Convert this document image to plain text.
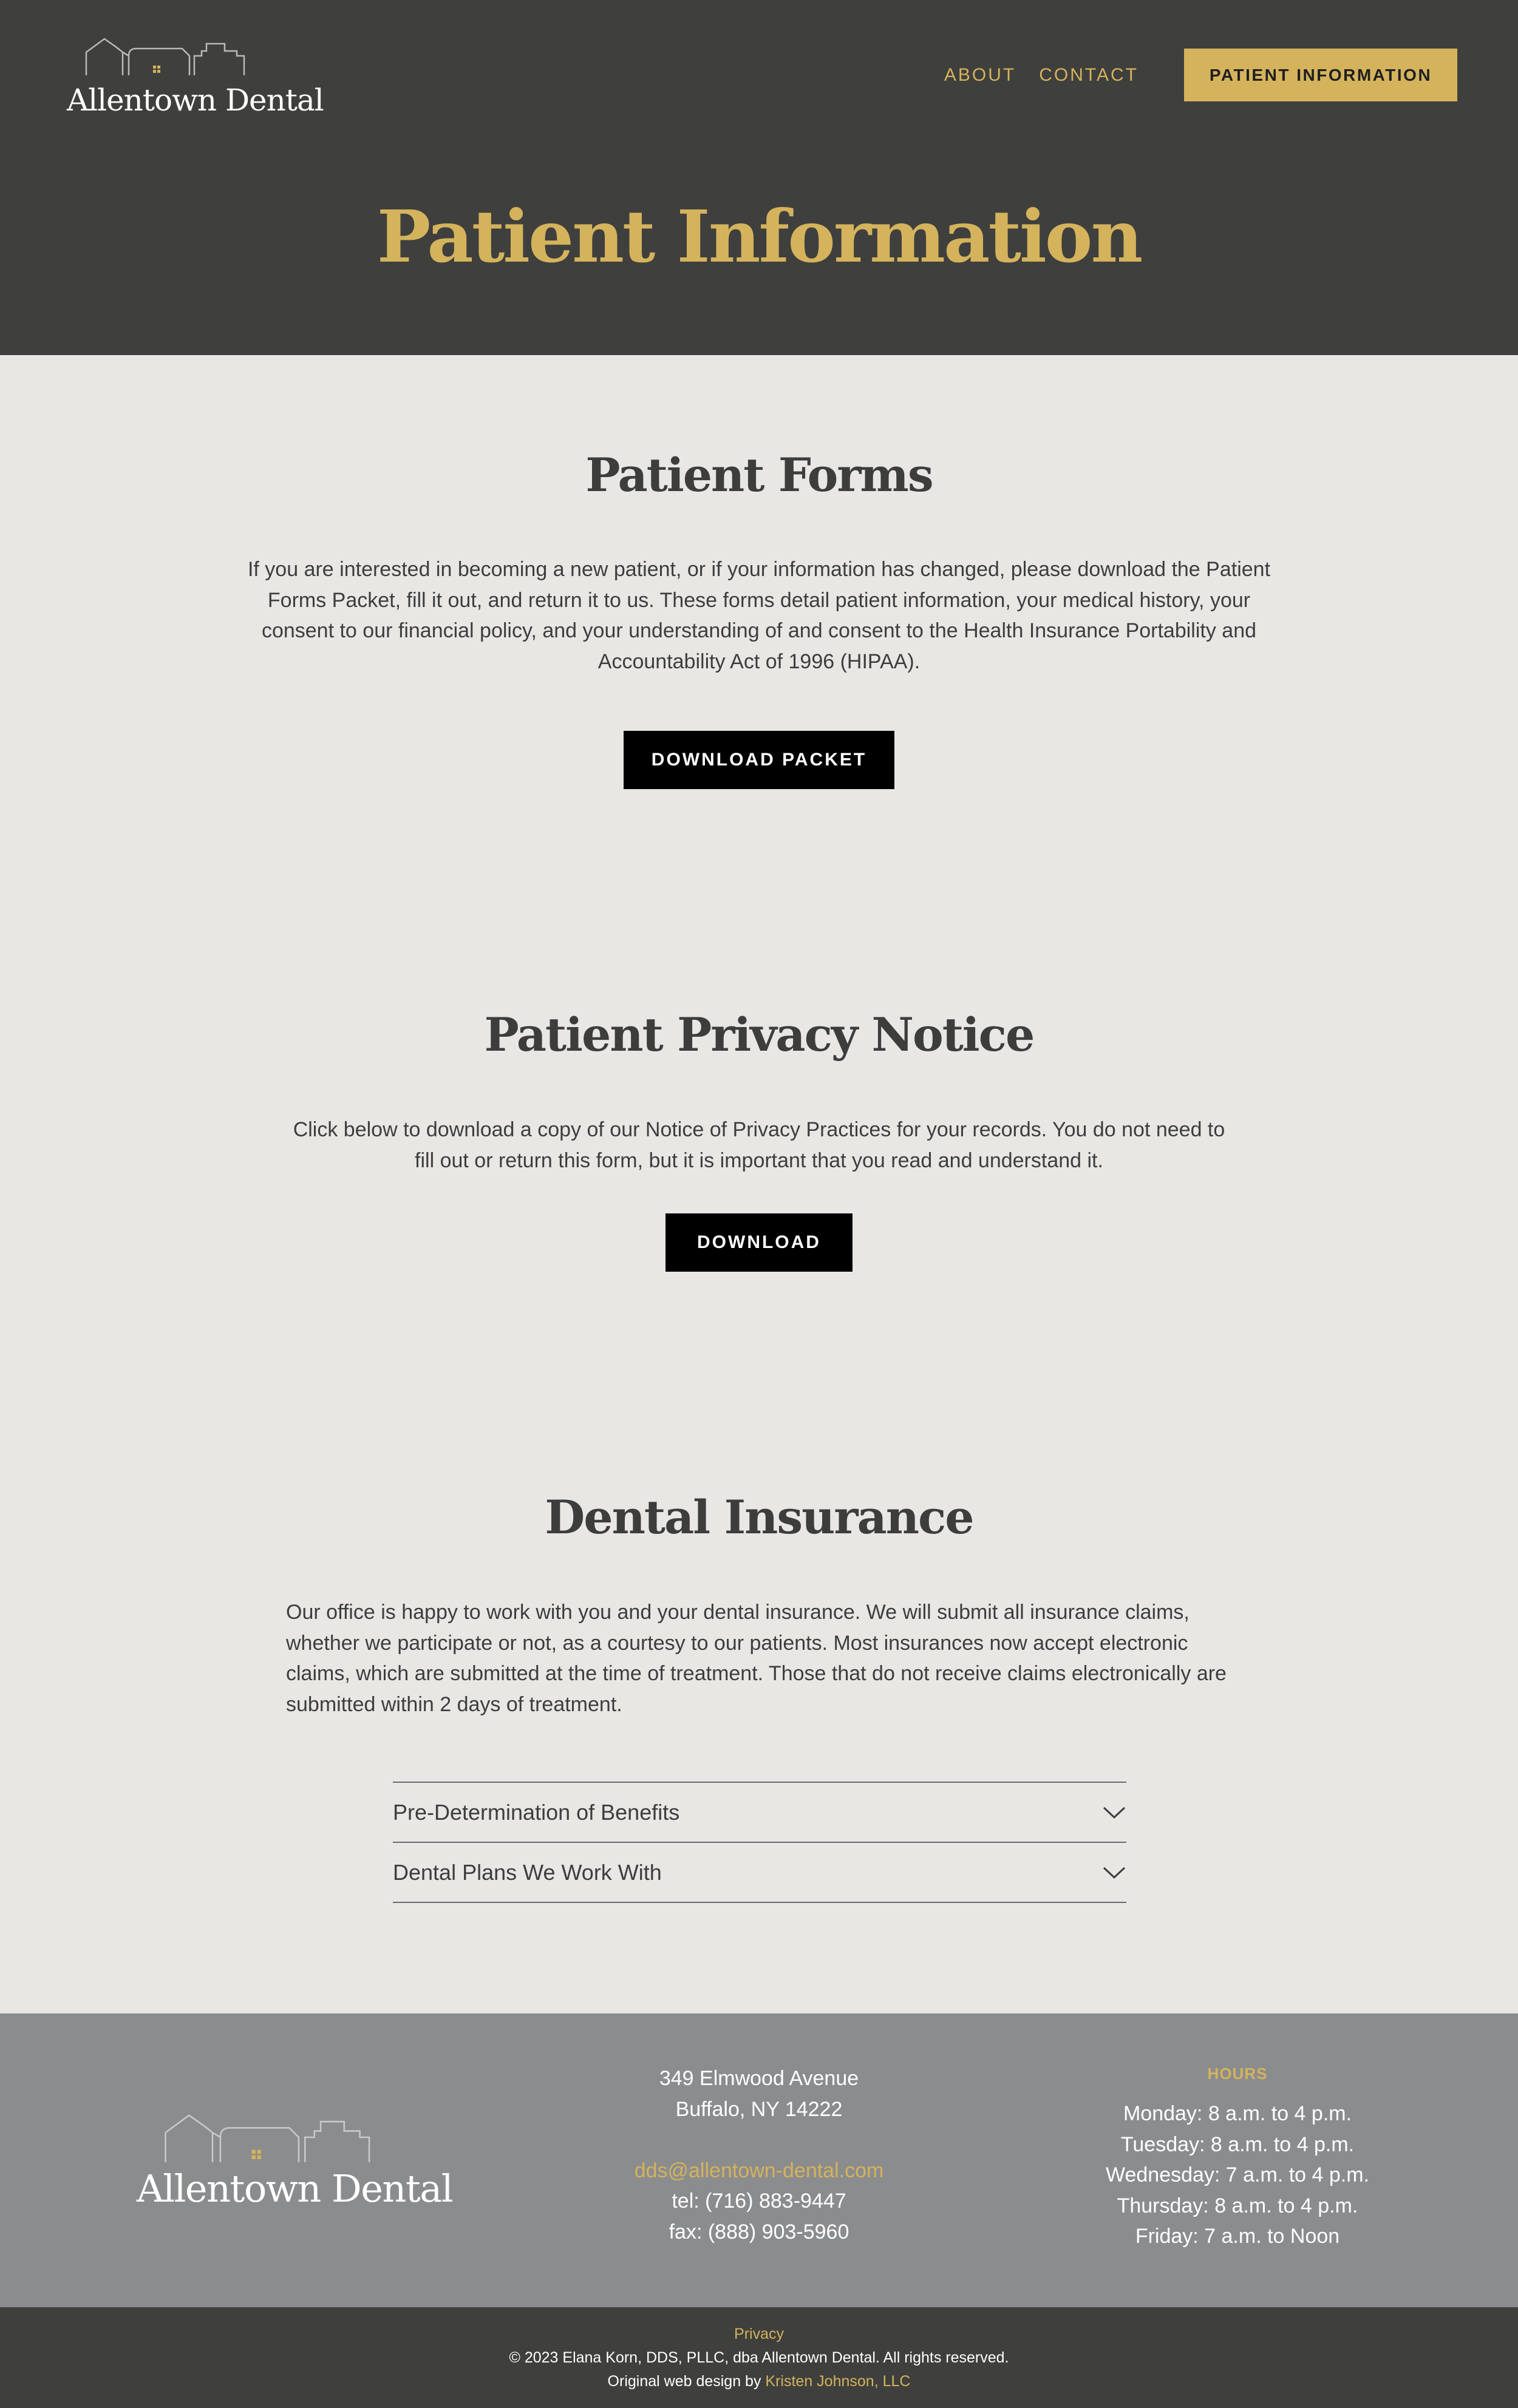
Allentown Dental
ABOUT CONTACT	PATIENT INFORMATION
Patient Information
Patient Forms

If you are interested in becoming a new patient, or if your information has changed, please download the Patient Forms Packet, fill it out, and return it to us. These forms detail patient information, your medical history, your consent to our financial policy, and your understanding of and consent to the Health Insurance Portability and Accountability Act of 1996 (HIPAA).

DOWNLOAD PACKET
Patient Privacy Notice

Click below to download a copy of our Notice of Privacy Practices for your records. You do not need to fill out or return this form, but it is important that you read and understand it.

DOWNLOAD
Dental Insurance

Our office is happy to work with you and your dental insurance. We will submit all insurance claims, whether we participate or not, as a courtesy to our patients. Most insurances now accept electronic claims, which are submitted at the time of treatment. Those that do not receive claims electronically are submitted within 2 days of treatment.

Pre-Determination of Benefits
Dental Plans We Work With
Allentown Dental
349 Elmwood Avenue
Buffalo, NY 14222
dds@allentown-dental.com
tel: (716) 883-9447
fax: (888) 903-5960
HOURS
Monday: 8 a.m. to 4 p.m.
Tuesday: 8 a.m. to 4 p.m.
Wednesday: 7 a.m. to 4 p.m.
Thursday: 8 a.m. to 4 p.m.
Friday: 7 a.m. to Noon
Privacy
© 2023 Elana Korn, DDS, PLLC, dba Allentown Dental. All rights reserved.
Original web design by Kristen Johnson, LLC
